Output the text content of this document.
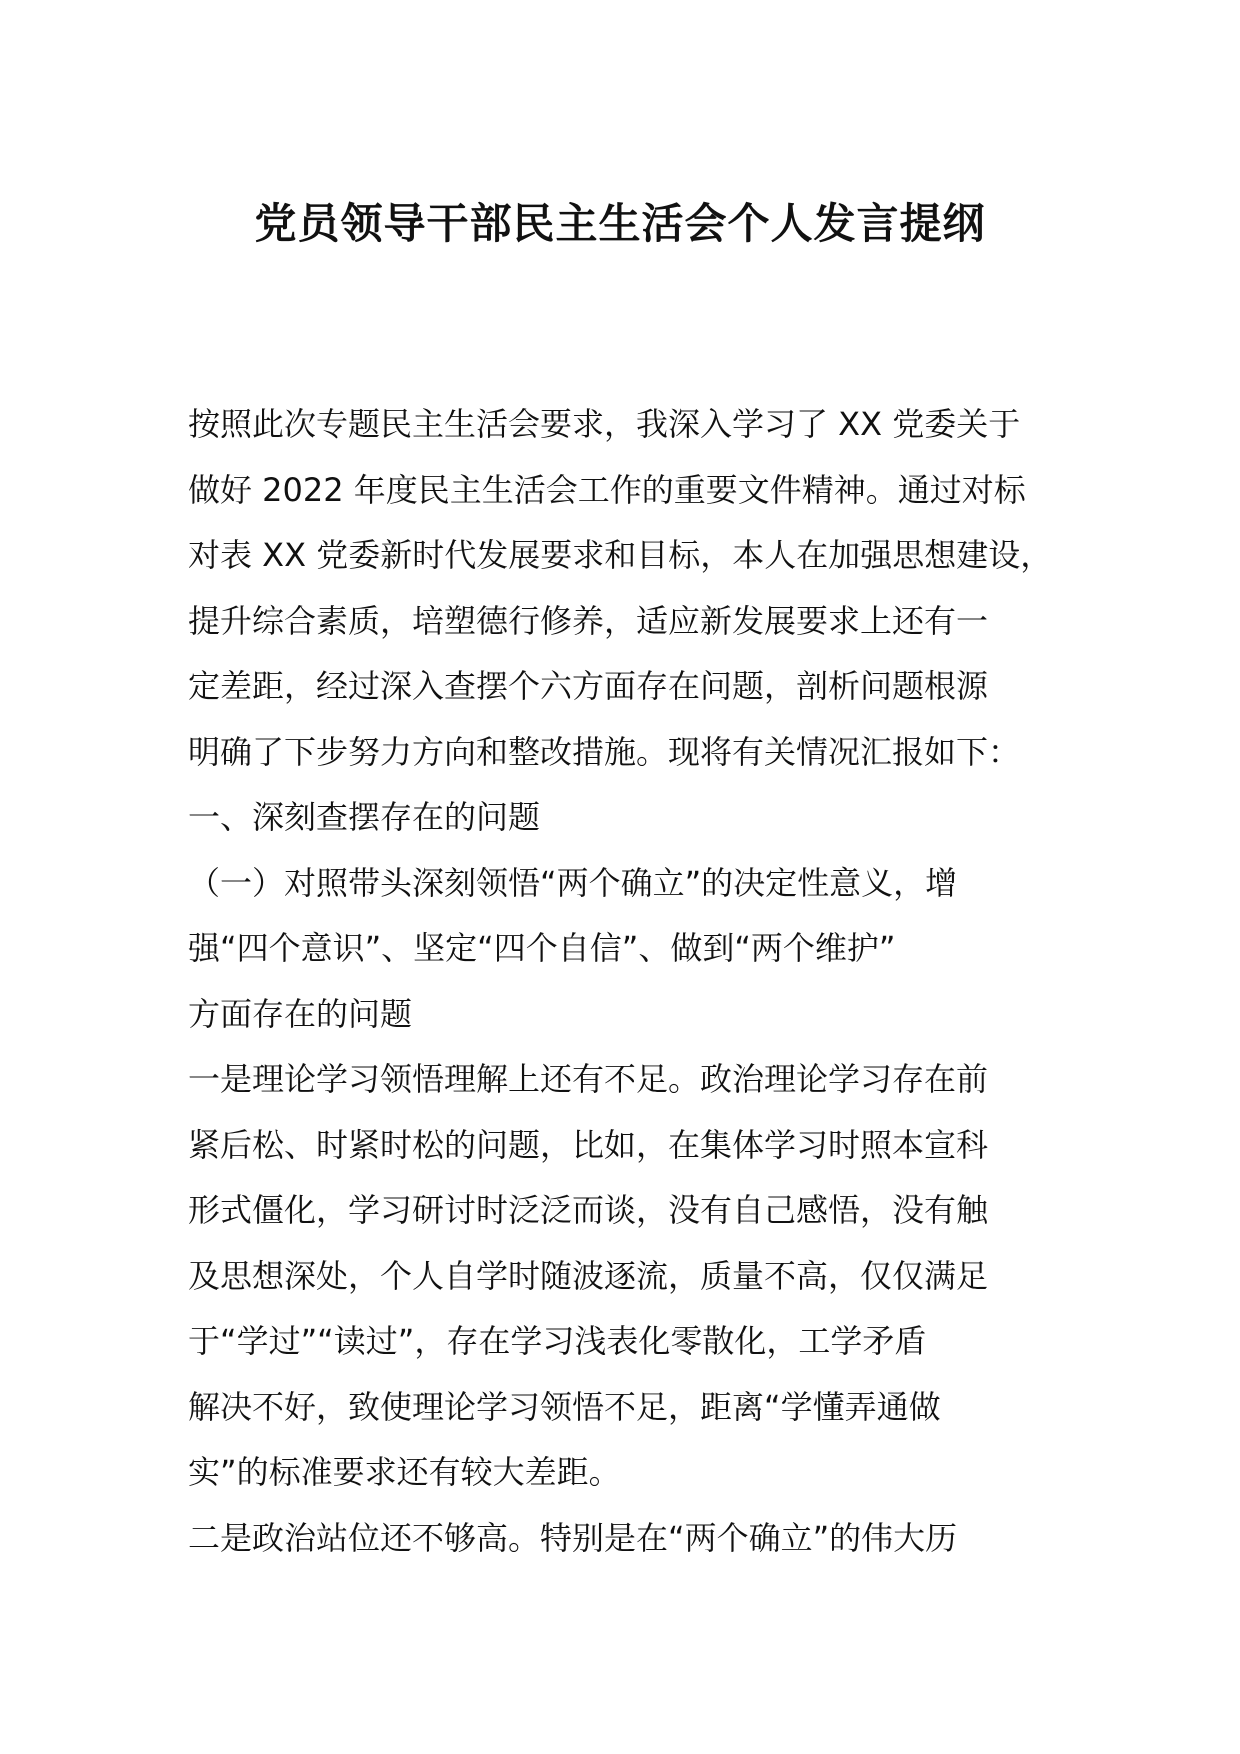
党员领导干部民主生活会个人发言提纲

按照此次专题民主生活会要求，我深入学习了 XX 党委关于

做好 2022 年度民主生活会工作的重要文件精神。通过对标

对表 XX 党委新时代发展要求和目标，本人在加强思想建设，

提升综合素质，培塑德行修养，适应新发展要求上还有一

定差距，经过深入查摆个六方面存在问题，剖析问题根源

明确了下步努力方向和整改措施。现将有关情况汇报如下：

一、深刻查摆存在的问题

（一）对照带头深刻领悟“两个确立”的决定性意义，增

强“四个意识”、坚定“四个自信”、做到“两个维护”

方面存在的问题

一是理论学习领悟理解上还有不足。政治理论学习存在前

紧后松、时紧时松的问题，比如，在集体学习时照本宣科

形式僵化，学习研讨时泛泛而谈，没有自己感悟，没有触

及思想深处，个人自学时随波逐流，质量不高，仅仅满足

于“学过”“读过”，存在学习浅表化零散化，工学矛盾

解决不好，致使理论学习领悟不足，距离“学懂弄通做

实”的标准要求还有较大差距。

二是政治站位还不够高。特别是在“两个确立”的伟大历
